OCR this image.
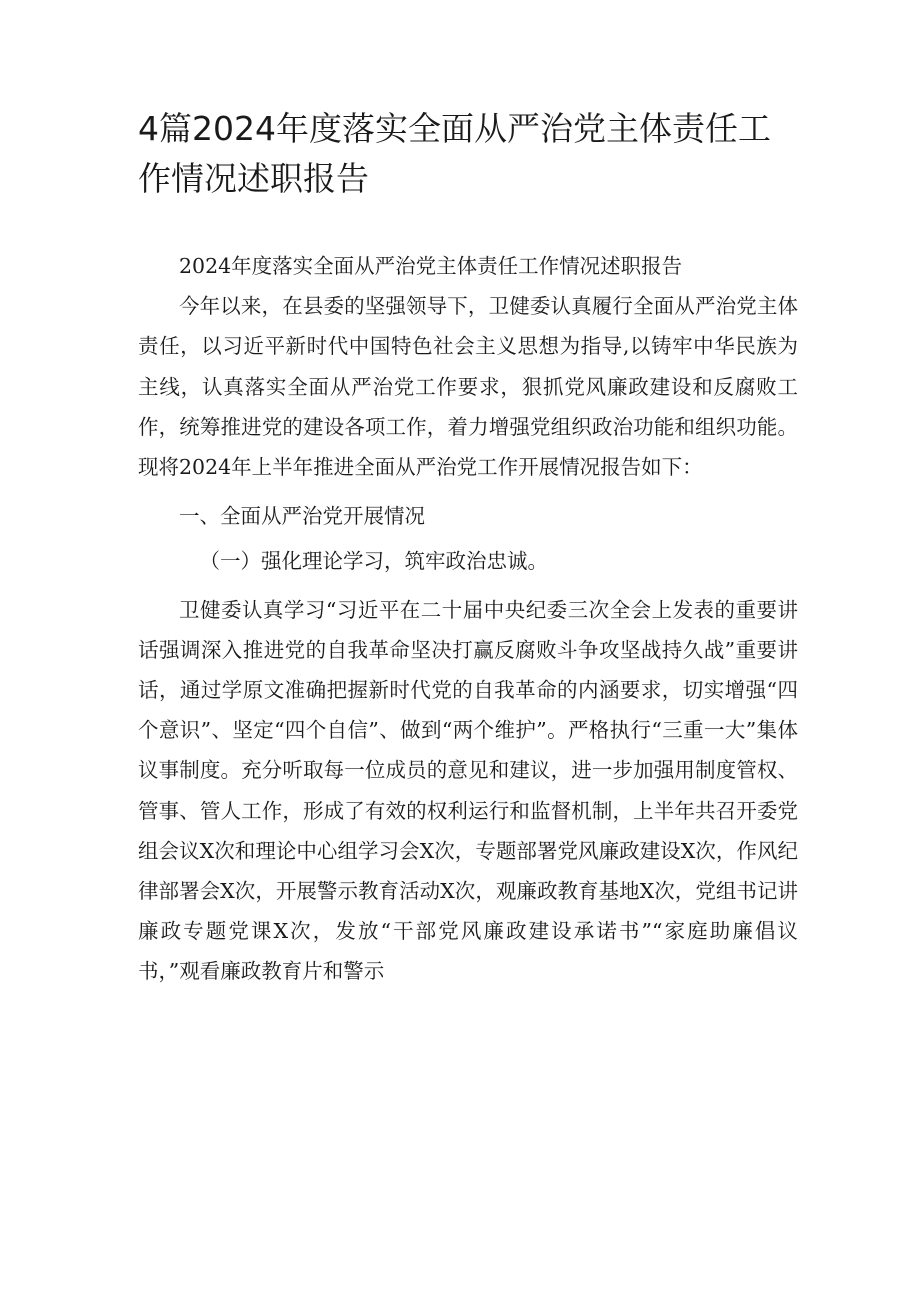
4篇2024年度落实全面从严治党主体责任工作情况述职报告

2024年度落实全面从严治党主体责任工作情况述职报告

今年以来，在县委的坚强领导下，卫健委认真履行全面从严治党主体责任，以习近平新时代中国特色社会主义思想为指导,以铸牢中华民族为主线，认真落实全面从严治党工作要求，狠抓党风廉政建设和反腐败工作，统筹推进党的建设各项工作，着力增强党组织政治功能和组织功能。现将2024年上半年推进全面从严治党工作开展情况报告如下：

一、全面从严治党开展情况

（一）强化理论学习，筑牢政治忠诚。

卫健委认真学习“习近平在二十届中央纪委三次全会上发表的重要讲话强调深入推进党的自我革命坚决打赢反腐败斗争攻坚战持久战”重要讲话，通过学原文准确把握新时代党的自我革命的内涵要求，切实增强“四个意识”、坚定“四个自信”、做到“两个维护”。严格执行“三重一大”集体议事制度。充分听取每一位成员的意见和建议，进一步加强用制度管权、管事、管人工作，形成了有效的权利运行和监督机制，上半年共召开委党组会议X次和理论中心组学习会X次，专题部署党风廉政建设X次，作风纪律部署会X次，开展警示教育活动X次，观廉政教育基地X次，党组书记讲廉政专题党课X次，发放“干部党风廉政建设承诺书”“家庭助廉倡议书，”观看廉政教育片和警示
